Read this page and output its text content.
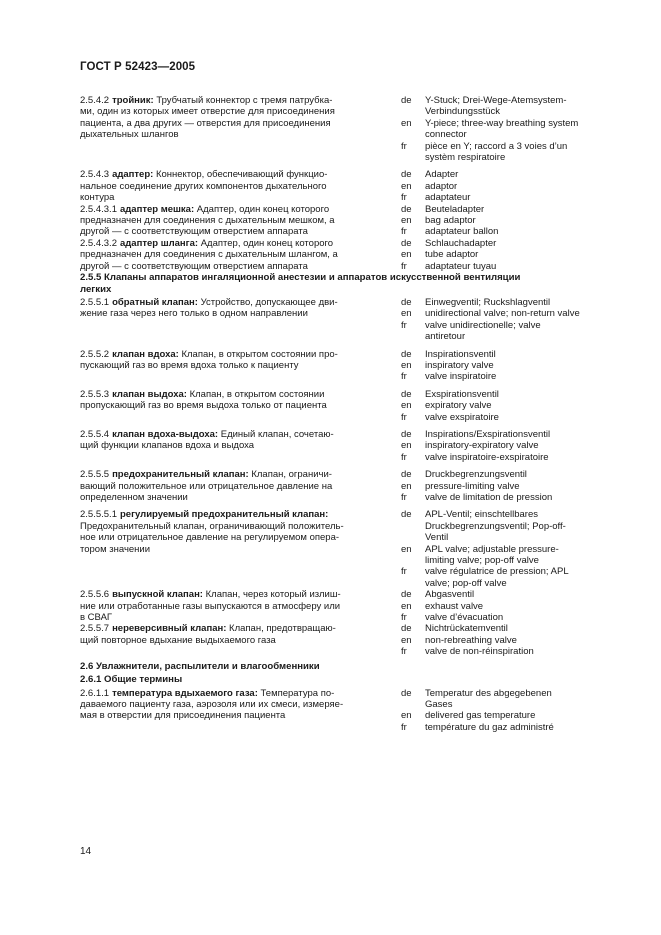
ГОСТ Р 52423—2005
2.5.4.2 тройник: Трубчатый коннектор с тремя патрубка-
ми, один из которых имеет отверстие для присоединения
пациента, а два других — отверстия для присоединения
дыхательных шлангов
de	Y-Stuck; Drei-Wege-Atemsystem-
Verbindungsstück
en	Y-piece; three-way breathing system
connector
fr	pièce en Y; raccord a 3 voies d’un
systèm respiratoire
2.5.4.3 адаптер: Коннектор, обеспечивающий функцио-
нальное соединение других компонентов дыхательного
контура
de	Adapter
en	adaptor
fr	adaptateur
2.5.4.3.1 адаптер мешка: Адаптер, один конец которого
предназначен для соединения с дыхательным мешком, а
другой — с соответствующим отверстием аппарата
de	Beuteladapter
en	bag adaptor
fr	adaptateur ballon
2.5.4.3.2 адаптер шланга: Адаптер, один конец которого
предназначен для соединения с дыхательным шлангом, а
другой — с соответствующим отверстием аппарата
de	Schlauchadapter
en	tube adaptor
fr	adaptateur tuyau
2.5.5 Клапаны аппаратов ингаляционной анестезии и аппаратов искусственной вентиляции
легких
2.5.5.1 обратный клапан: Устройство, допускающее дви-
жение газа через него только в одном направлении
de	Einwegventil; Ruckshlagventil
en	unidirectional valve; non-return valve
fr	valve unidirectionelle; valve
antiretour
2.5.5.2 клапан вдоха: Клапан, в открытом состоянии про-
пускающий газ во время вдоха только к пациенту
de	Inspirationsventil
en	inspiratory valve
fr	valve inspiratoire
2.5.5.3 клапан выдоха: Клапан, в открытом состоянии
пропускающий газ во время выдоха только от пациента
de	Exspirationsventil
en	expiratory valve
fr	valve exspiratoire
2.5.5.4 клапан вдоха-выдоха: Единый клапан, сочетаю-
щий функции клапанов вдоха и выдоха
de	Inspirations/Exspirationsventil
en	inspiratory-expiratory valve
fr	valve inspiratoire-exspiratoire
2.5.5.5 предохранительный клапан: Клапан, ограничи-
вающий положительное или отрицательное давление на
определенном значении
de	Druckbegrenzungsventil
en	pressure-limiting valve
fr	valve de limitation de pression
2.5.5.5.1 регулируемый предохранительный клапан:
Предохранительный клапан, ограничивающий положитель-
ное или отрицательное давление на регулируемом опера-
тором значении
de	APL-Ventil; einschtellbares
Druckbegrenzungsventil; Pop-off-
Ventil
en	APL valve; adjustable pressure-
limiting valve; pop-off valve
fr	valve régulatrice de pression; APL
valve; pop-off valve
2.5.5.6 выпускной клапан: Клапан, через который излиш-
ние или отработанные газы выпускаются в атмосферу или
в СВАГ
de	Abgasventil
en	exhaust valve
fr	valve d’évacuation
2.5.5.7 нереверсивный клапан: Клапан, предотвращаю-
щий повторное вдыхание выдыхаемого газа
de	Nichtrückatemventil
en	non-rebreathing valve
fr	valve de non-réinspiration
2.6 Увлажнители, распылители и влагообменники
2.6.1 Общие термины
2.6.1.1 температура вдыхаемого газа: Температура по-
даваемого пациенту газа, аэрозоля или их смеси, измеряе-
мая в отверстии для присоединения пациента
de	Temperatur des abgegebenen
Gases
en	delivered gas temperature
fr	température du gaz administré
14
